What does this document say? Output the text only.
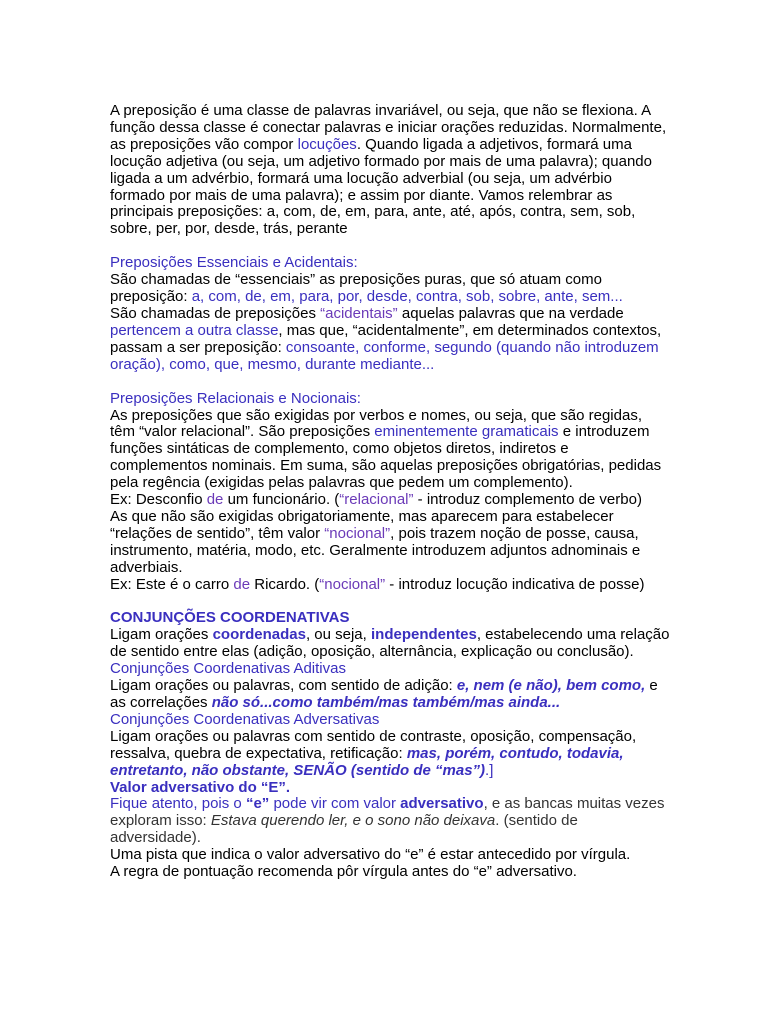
A preposição é uma classe de palavras invariável, ou seja, que não se flexiona. A função dessa classe é conectar palavras e iniciar orações reduzidas. Normalmente, as preposições vão compor locuções. Quando ligada a adjetivos, formará uma locução adjetiva (ou seja, um adjetivo formado por mais de uma palavra); quando ligada a um advérbio, formará uma locução adverbial (ou seja, um advérbio formado por mais de uma palavra); e assim por diante. Vamos relembrar as principais preposições: a, com, de, em, para, ante, até, após, contra, sem, sob, sobre, per, por, desde, trás, perante

Preposições Essenciais e Acidentais:

São chamadas de “essenciais” as preposições puras, que só atuam como preposição: a, com, de, em, para, por, desde, contra, sob, sobre, ante, sem...

São chamadas de preposições “acidentais” aquelas palavras que na verdade pertencem a outra classe, mas que, “acidentalmente”, em determinados contextos, passam a ser preposição: consoante, conforme, segundo (quando não introduzem oração), como, que, mesmo, durante mediante...

Preposições Relacionais e Nocionais:

As preposições que são exigidas por verbos e nomes, ou seja, que são regidas, têm “valor relacional”. São preposições eminentemente gramaticais e introduzem funções sintáticas de complemento, como objetos diretos, indiretos e complementos nominais. Em suma, são aquelas preposições obrigatórias, pedidas pela regência (exigidas pelas palavras que pedem um complemento).

Ex: Desconfio de um funcionário. (“relacional” - introduz complemento de verbo)

As que não são exigidas obrigatoriamente, mas aparecem para estabelecer “relações de sentido”, têm valor “nocional”, pois trazem noção de posse, causa, instrumento, matéria, modo, etc. Geralmente introduzem adjuntos adnominais e adverbiais.

Ex: Este é o carro de Ricardo. (“nocional” - introduz locução indicativa de posse)

CONJUNÇÕES COORDENATIVAS

Ligam orações coordenadas, ou seja, independentes, estabelecendo uma relação de sentido entre elas (adição, oposição, alternância, explicação ou conclusão).

Conjunções Coordenativas Aditivas

Ligam orações ou palavras, com sentido de adição: e, nem (e não), bem como, e as correlações não só...como também/mas também/mas ainda...

Conjunções Coordenativas Adversativas

Ligam orações ou palavras com sentido de contraste, oposição, compensação, ressalva, quebra de expectativa, retificação: mas, porém, contudo, todavia, entretanto, não obstante, SENÃO (sentido de “mas”).]

Valor adversativo do “E”.

Fique atento, pois o “e” pode vir com valor adversativo, e as bancas muitas vezes exploram isso: Estava querendo ler, e o sono não deixava. (sentido de adversidade).

Uma pista que indica o valor adversativo do “e” é estar antecedido por vírgula.

A regra de pontuação recomenda pôr vírgula antes do “e” adversativo.
